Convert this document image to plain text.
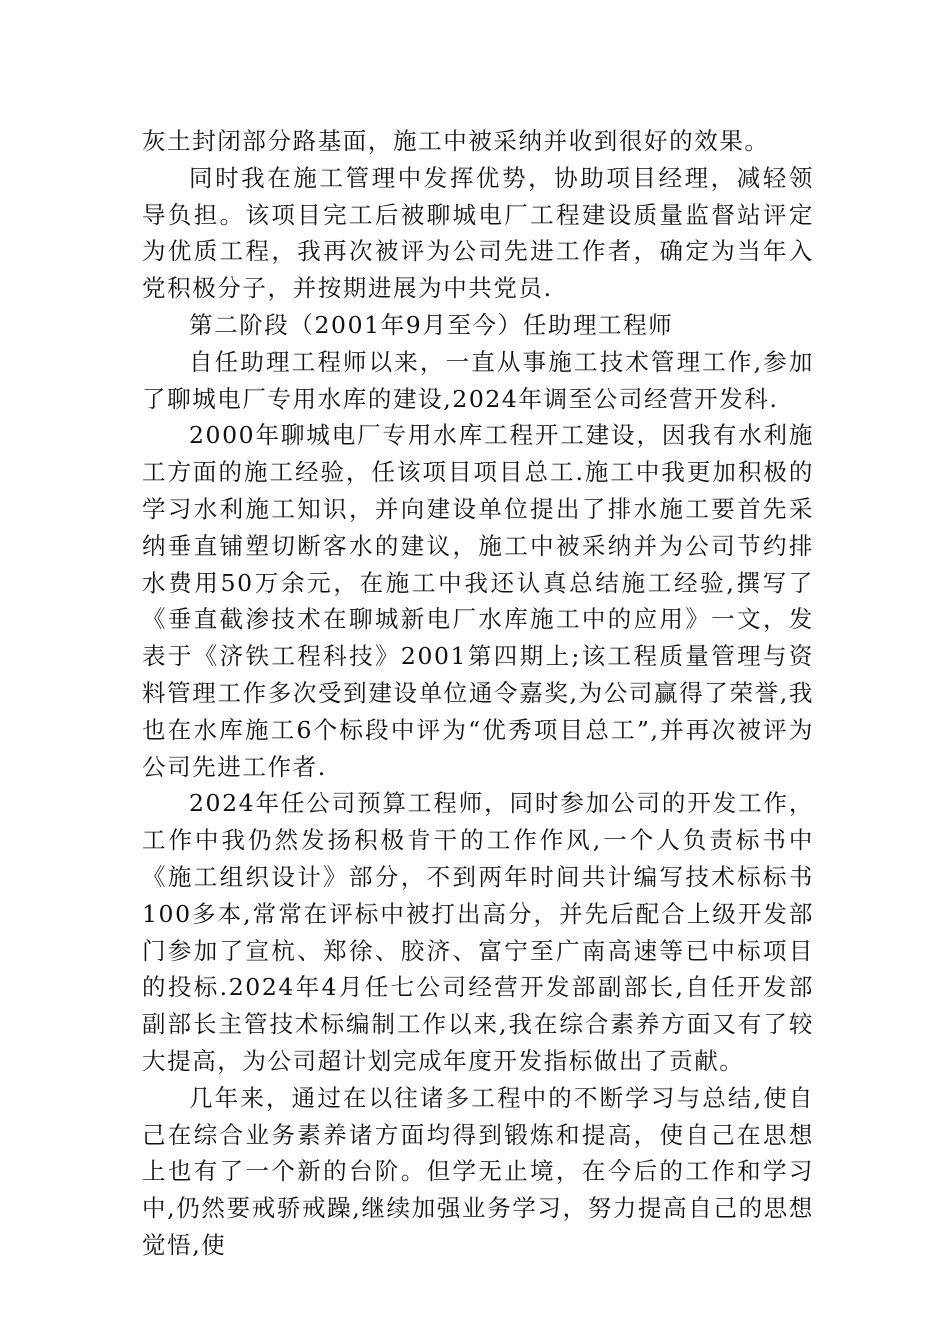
灰土封闭部分路基面，施工中被采纳并收到很好的效果。

同时我在施工管理中发挥优势，协助项目经理，减轻领导负担。该项目完工后被聊城电厂工程建设质量监督站评定为优质工程，我再次被评为公司先进工作者，确定为当年入党积极分子，并按期进展为中共党员.

第二阶段（2001年9月至今）任助理工程师

自任助理工程师以来，一直从事施工技术管理工作,参加了聊城电厂专用水库的建设,2024年调至公司经营开发科.

2000年聊城电厂专用水库工程开工建设，因我有水利施工方面的施工经验，任该项目项目总工.施工中我更加积极的学习水利施工知识，并向建设单位提出了排水施工要首先采纳垂直铺塑切断客水的建议，施工中被采纳并为公司节约排水费用50万余元，在施工中我还认真总结施工经验,撰写了《垂直截渗技术在聊城新电厂水库施工中的应用》一文，发表于《济铁工程科技》2001第四期上;该工程质量管理与资料管理工作多次受到建设单位通令嘉奖,为公司赢得了荣誉,我也在水库施工6个标段中评为“优秀项目总工”,并再次被评为公司先进工作者.

2024年任公司预算工程师，同时参加公司的开发工作，工作中我仍然发扬积极肯干的工作作风,一个人负责标书中《施工组织设计》部分，不到两年时间共计编写技术标标书100多本,常常在评标中被打出高分，并先后配合上级开发部门参加了宣杭、郑徐、胶济、富宁至广南高速等已中标项目的投标.2024年4月任七公司经营开发部副部长,自任开发部副部长主管技术标编制工作以来,我在综合素养方面又有了较大提高，为公司超计划完成年度开发指标做出了贡献。

几年来，通过在以往诸多工程中的不断学习与总结,使自己在综合业务素养诸方面均得到锻炼和提高，使自己在思想上也有了一个新的台阶。但学无止境，在今后的工作和学习中,仍然要戒骄戒躁,继续加强业务学习，努力提高自己的思想觉悟,使
